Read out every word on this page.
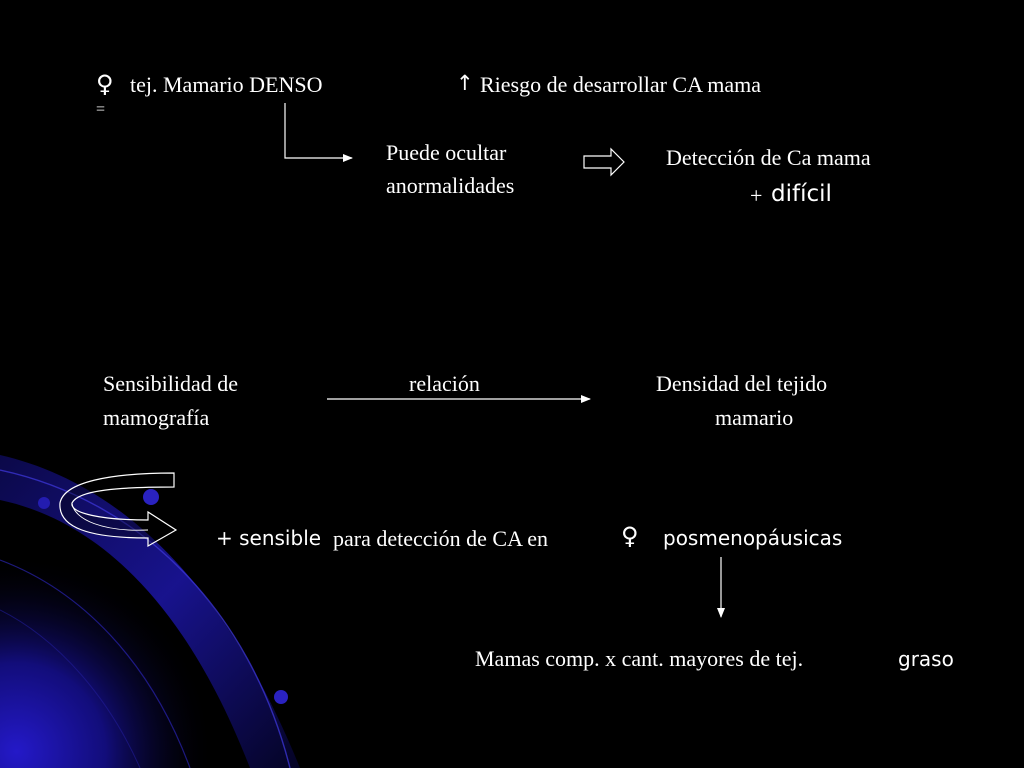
♀ tej. Mamario DENSO
=
↑ Riesgo de desarrollar CA mama
Puede ocultar
anormalidades
Detección de Ca mama
+ difícil
Sensibilidad de
mamografía
relación	Densidad del tejido
mamario
+ sensible para detección de CA en	♀ posmenopáusicas
Mamas comp. x cant. mayores de tej.	graso
